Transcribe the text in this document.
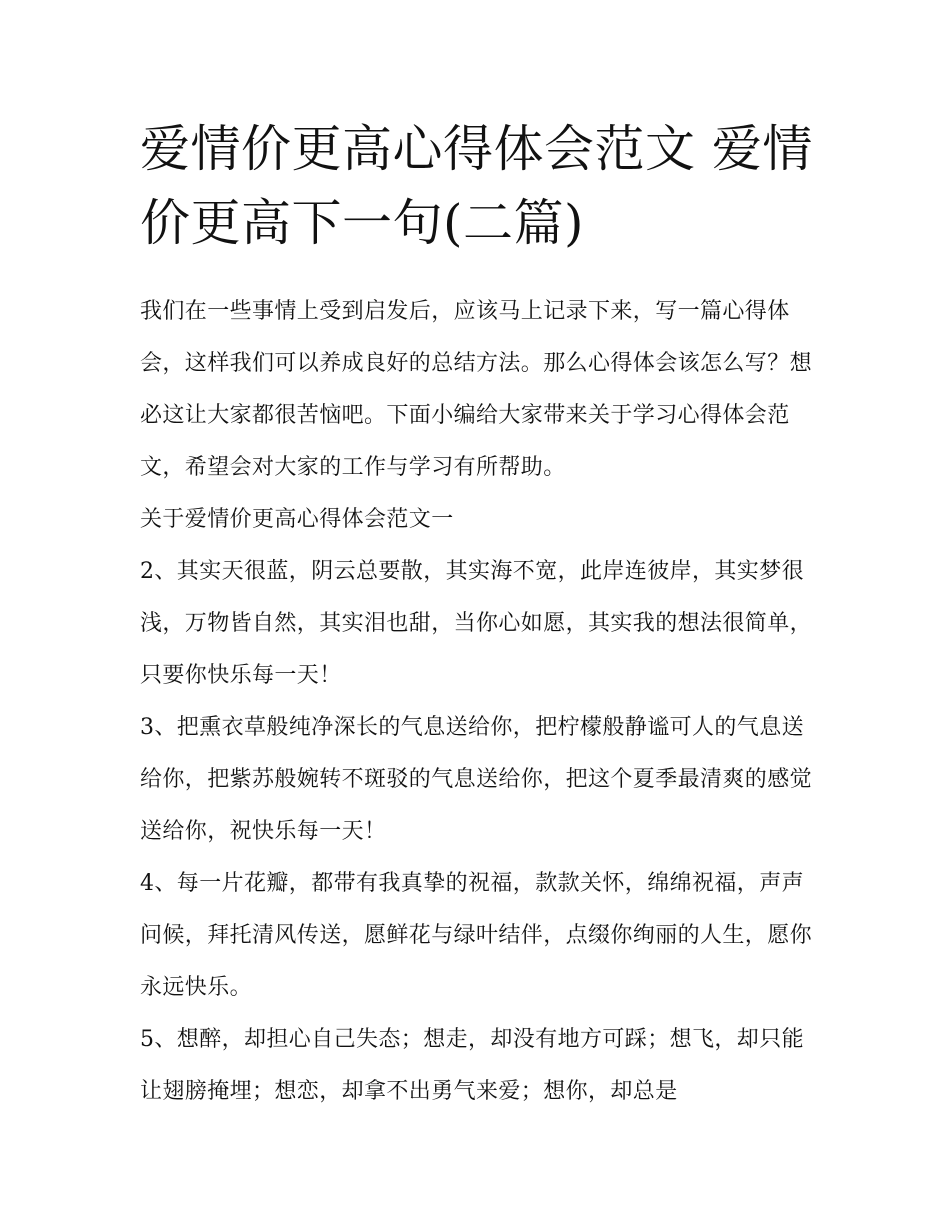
爱情价更高心得体会范文 爱情价更高下一句(二篇)

我们在一些事情上受到启发后，应该马上记录下来，写一篇心得体会，这样我们可以养成良好的总结方法。那么心得体会该怎么写？想必这让大家都很苦恼吧。下面小编给大家带来关于学习心得体会范文，希望会对大家的工作与学习有所帮助。

关于爱情价更高心得体会范文一

2、其实天很蓝，阴云总要散，其实海不宽，此岸连彼岸，其实梦很浅，万物皆自然，其实泪也甜，当你心如愿，其实我的想法很简单，只要你快乐每一天！

3、把熏衣草般纯净深长的气息送给你，把柠檬般静谧可人的气息送给你，把紫苏般婉转不斑驳的气息送给你，把这个夏季最清爽的感觉送给你，祝快乐每一天！

4、每一片花瓣，都带有我真挚的祝福，款款关怀，绵绵祝福，声声问候，拜托清风传送，愿鲜花与绿叶结伴，点缀你绚丽的人生，愿你永远快乐。

5、想醉，却担心自己失态；想走，却没有地方可踩；想飞，却只能让翅膀掩埋；想恋，却拿不出勇气来爱；想你，却总是
